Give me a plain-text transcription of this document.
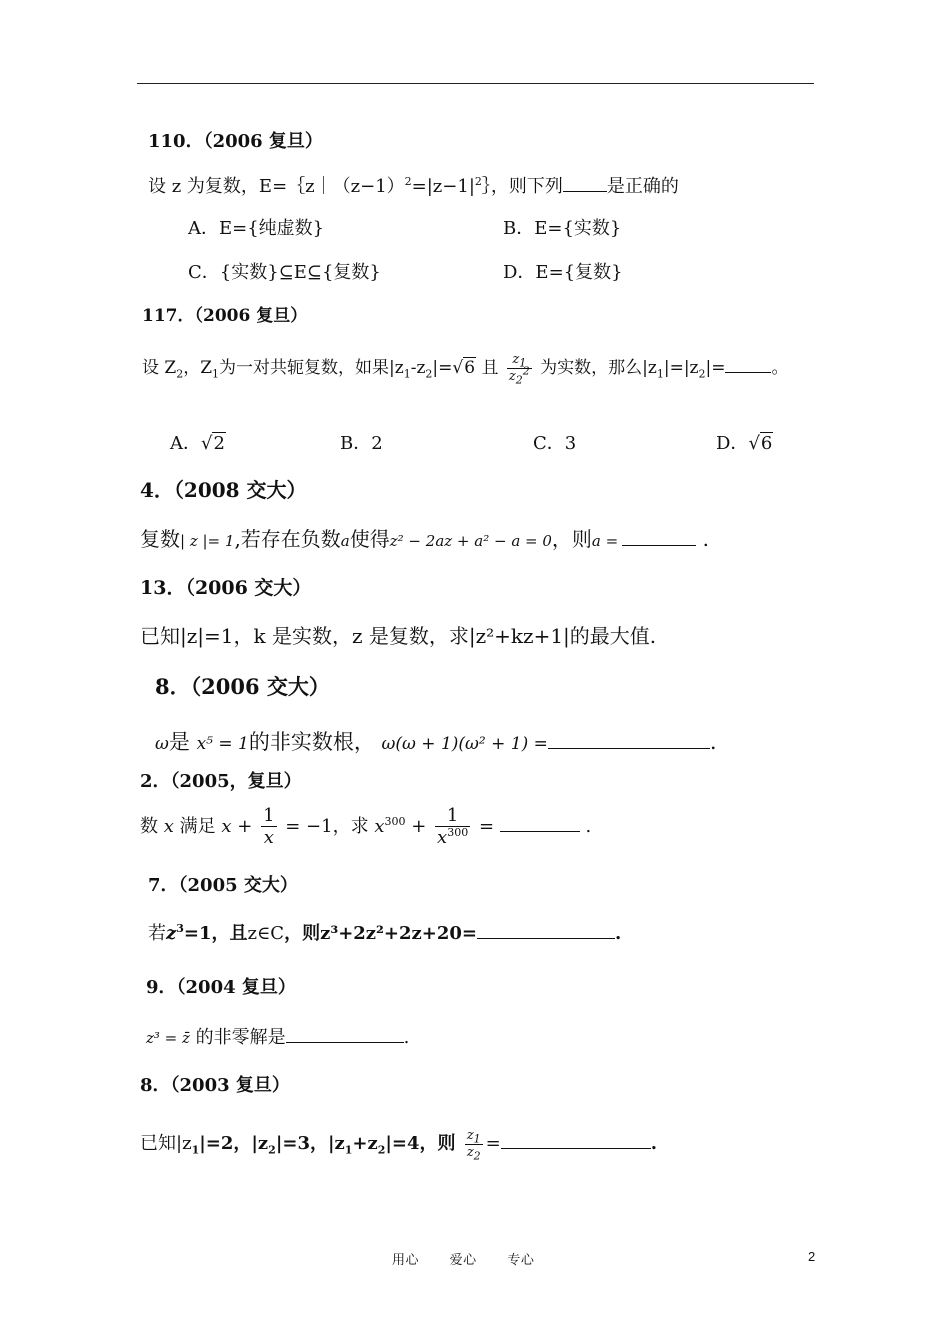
110．（2006 复旦）
设 z 为复数，$E=\{z|(z-1)^2=|z-1|^2\}$，则下列 是正确的
A．E={纯虚数}	B．E={实数}
C．{实数}⊆E⊆{复数}	D．E={复数}
117．（2006 复旦）
设 $Z_2$，$Z_1$为一对共轭复数，如果$|z_1-z_2|=√6$ 且 $\frac{z_1}{z_2^2}$ 为实数，那么$|z_1|=|z_2|=$	。
A．√2	B．2	C．3	D．√6
4．（2008 交大）
复数| z |= 1,若存在负数a使得z² − 2az + a² − a = 0，则a =	.
13．（2006 交大）
已知|z|=1，k 是实数，z 是复数，求|z²+kz+1|的最大值.
8．（2006 交大）
ω是 x⁵ = 1的非实数根， ω(ω + 1)(ω² + 1) =	.
2．（2005，复旦）
数 x 满足 $x + \frac{1}{x} = -1$，求 $x^{300} + \frac{1}{x^{300}}$ =	.
7．（2005 交大）
若$z^3=1$，且z∈C，则z³+2z²+2z+20=	.
9．（2004 复旦）
z³ = z̄ 的非零解是	.
8．（2003 复旦）
已知$|z_1|=2$，$|z_2|=3$，$|z_1+z_2|=4$，则 $\frac{z_1}{z_2}$ =	.
用心 爱心 专心	2
